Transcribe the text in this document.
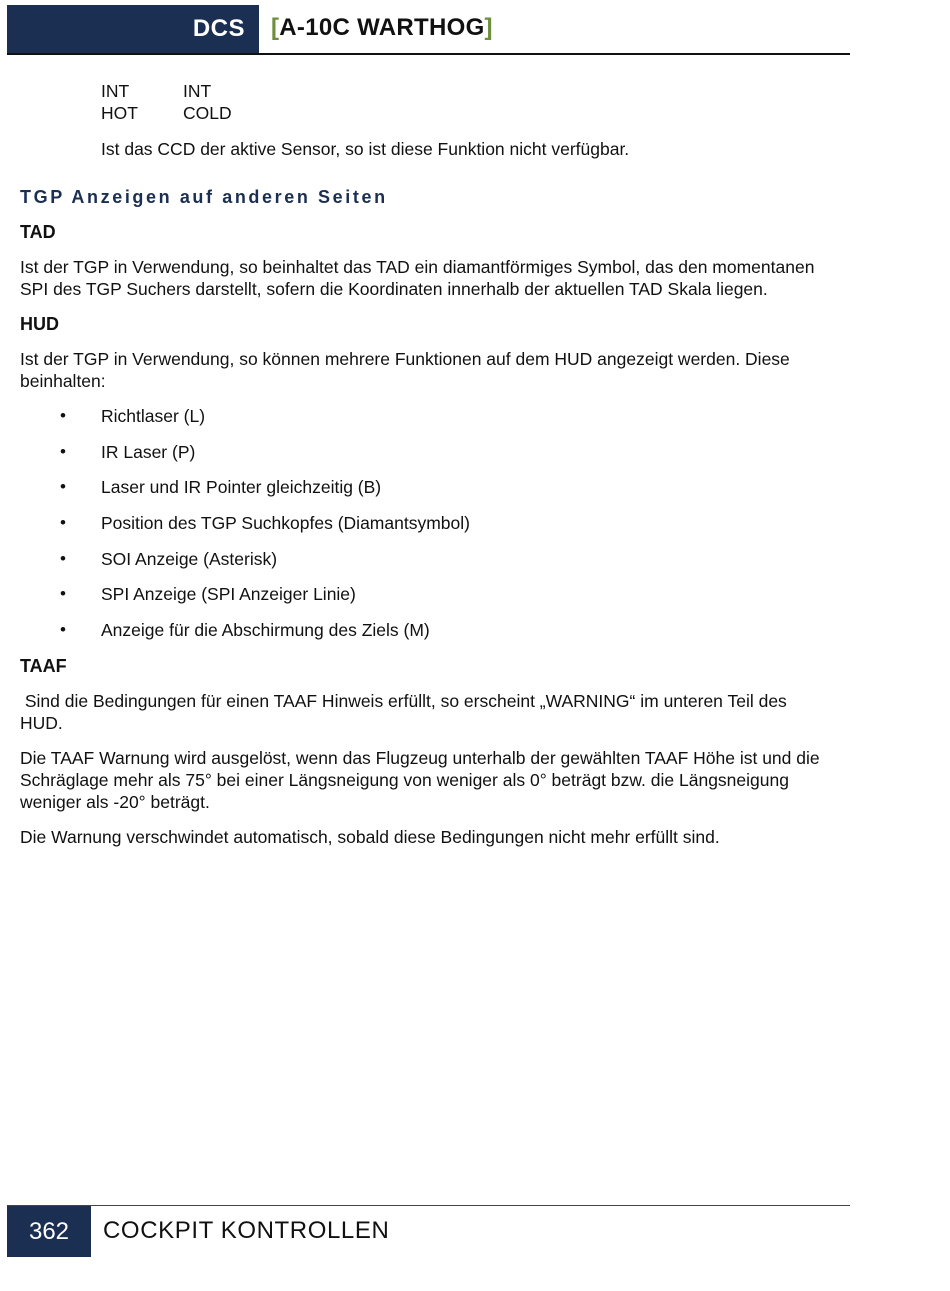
DCS [A-10C WARTHOG]
INT	INT
HOT	COLD

Ist das CCD der aktive Sensor, so ist diese Funktion nicht verfügbar.

TGP Anzeigen auf anderen Seiten
TAD

Ist der TGP in Verwendung, so beinhaltet das TAD ein diamantförmiges Symbol, das den momentanen SPI des TGP Suchers darstellt, sofern die Koordinaten innerhalb der aktuellen TAD Skala liegen.

HUD

Ist der TGP in Verwendung, so können mehrere Funktionen auf dem HUD angezeigt werden. Diese beinhalten:

• Richtlaser (L)
• IR Laser (P)
• Laser und IR Pointer gleichzeitig (B)
• Position des TGP Suchkopfes (Diamantsymbol)
• SOI Anzeige (Asterisk)
• SPI Anzeige (SPI Anzeiger Linie)
• Anzeige für die Abschirmung des Ziels (M)
TAAF

Sind die Bedingungen für einen TAAF Hinweis erfüllt, so erscheint „WARNING“ im unteren Teil des HUD.

Die TAAF Warnung wird ausgelöst, wenn das Flugzeug unterhalb der gewählten TAAF Höhe ist und die Schräglage mehr als 75° bei einer Längsneigung von weniger als 0° beträgt bzw. die Längsneigung weniger als -20° beträgt.

Die Warnung verschwindet automatisch, sobald diese Bedingungen nicht mehr erfüllt sind.

362	COCKPIT KONTROLLEN
